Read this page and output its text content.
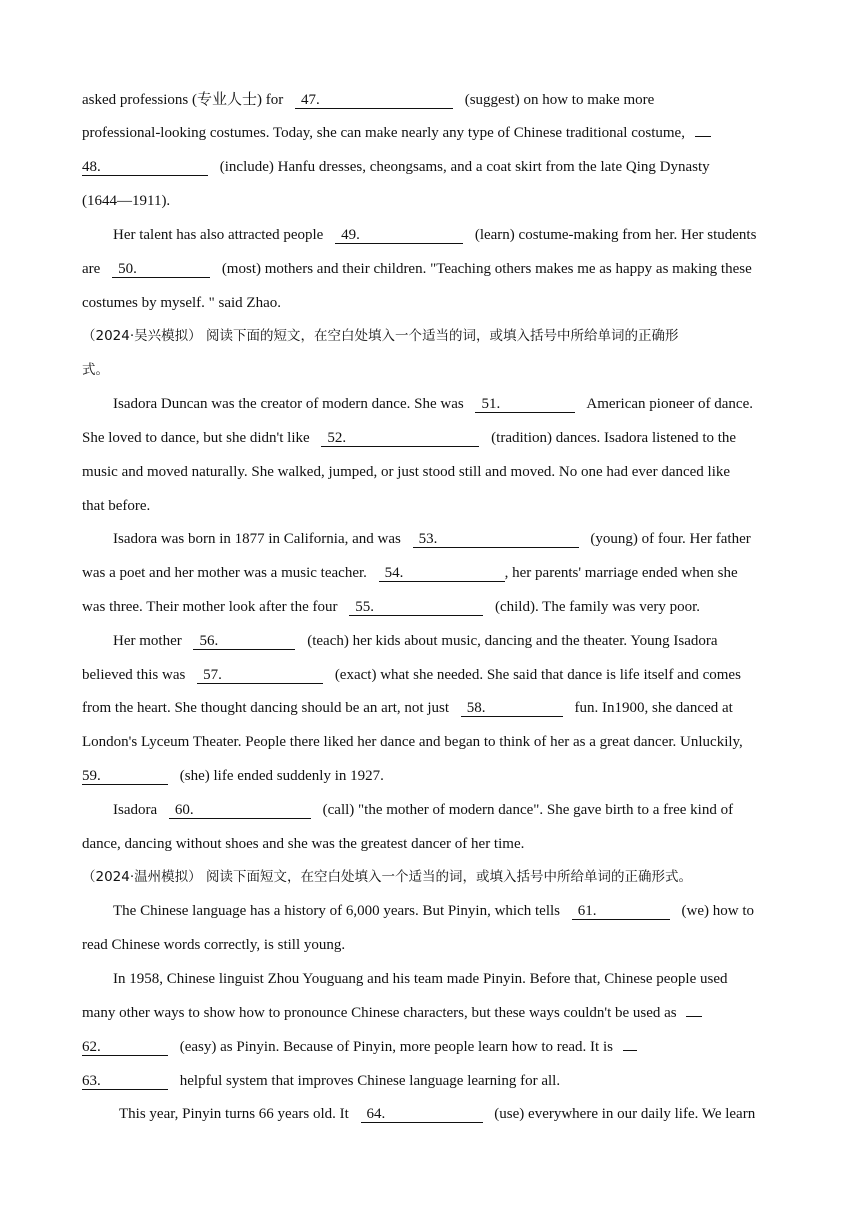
asked professions (专业人士) for 47.	(suggest) on how to make more
professional-looking costumes. Today, she can make nearly any type of Chinese traditional costume,
48.	(include) Hanfu dresses, cheongsams, and a coat skirt from the late Qing Dynasty
(1644—1911).
Her talent has also attracted people 49.	(learn) costume-making from her. Her students
are 50.	(most) mothers and their children. "Teaching others makes me as happy as making these
costumes by myself. " said Zhao.
（2024·吴兴模拟） 阅读下面的短文，在空白处填入一个适当的词，或填入括号中所给单词的正确形
式。
Isadora Duncan was the creator of modern dance. She was 51.	American pioneer of dance.
She loved to dance, but she didn't like 52.	(tradition) dances. Isadora listened to the
music and moved naturally. She walked, jumped, or just stood still and moved. No one had ever danced like
that before.
Isadora was born in 1877 in California, and was 53.	(young) of four. Her father
was a poet and her mother was a music teacher. 54.	, her parents' marriage ended when she
was three. Their mother look after the four 55.	(child). The family was very poor.
Her mother 56.	(teach) her kids about music, dancing and the theater. Young Isadora
believed this was 57.	(exact) what she needed. She said that dance is life itself and comes
from the heart. She thought dancing should be an art, not just 58.	fun. In1900, she danced at
London's Lyceum Theater. People there liked her dance and began to think of her as a great dancer. Unluckily,
59.	(she) life ended suddenly in 1927.
Isadora 60.	(call) "the mother of modern dance". She gave birth to a free kind of
dance, dancing without shoes and she was the greatest dancer of her time.
（2024·温州模拟） 阅读下面短文，在空白处填入一个适当的词，或填入括号中所给单词的正确形式。
The Chinese language has a history of 6,000 years. But Pinyin, which tells 61.	(we) how to
read Chinese words correctly, is still young.
In 1958, Chinese linguist Zhou Youguang and his team made Pinyin. Before that, Chinese people used
many other ways to show how to pronounce Chinese characters, but these ways couldn't be used as
62.	(easy) as Pinyin. Because of Pinyin, more people learn how to read. It is
63.	helpful system that improves Chinese language learning for all.
This year, Pinyin turns 66 years old. It 64.	(use) everywhere in our daily life. We learn
